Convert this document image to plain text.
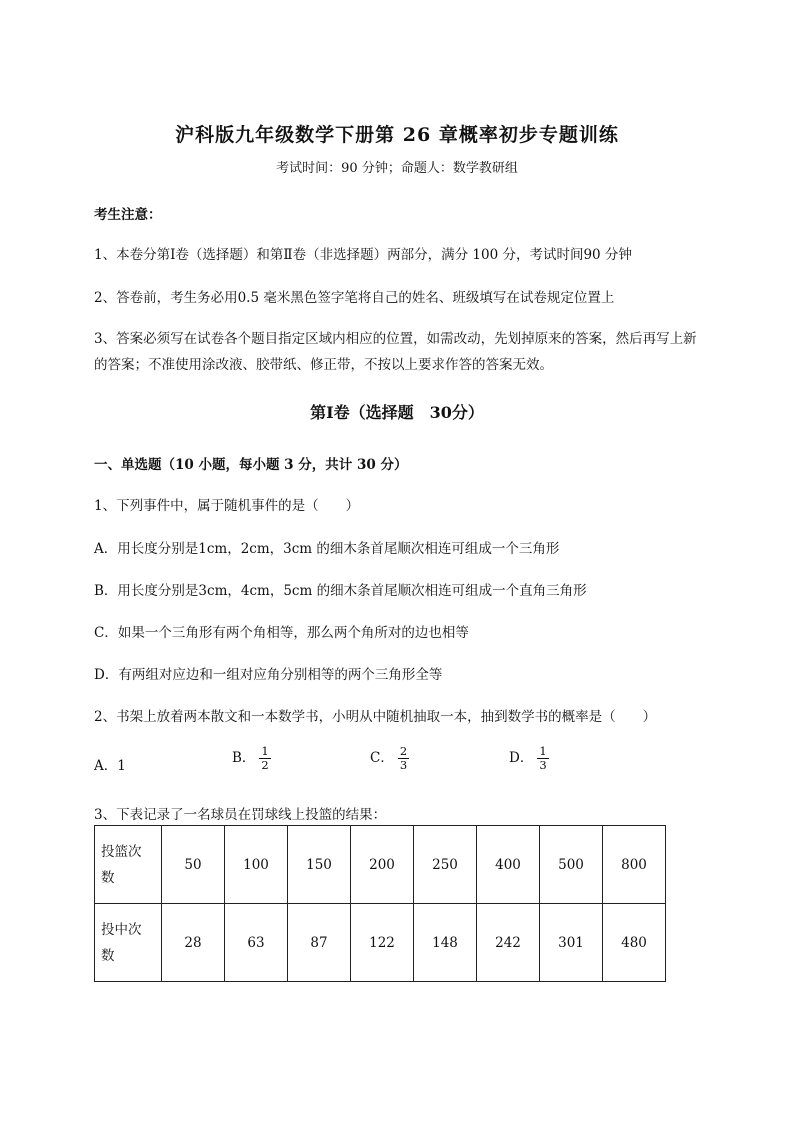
沪科版九年级数学下册第 26 章概率初步专题训练
考试时间：90 分钟；命题人：数学教研组
考生注意：
1、本卷分第Ⅰ卷（选择题）和第Ⅱ卷（非选择题）两部分，满分 100 分，考试时间90 分钟
2、答卷前，考生务必用0.5 毫米黑色签字笔将自己的姓名、班级填写在试卷规定位置上
3、答案必须写在试卷各个题目指定区域内相应的位置，如需改动，先划掉原来的答案，然后再写上新
的答案；不准使用涂改液、胶带纸、修正带，不按以上要求作答的答案无效。
第Ⅰ卷（选择题　30分）
一、单选题（10 小题，每小题 3 分，共计 30 分）
1、下列事件中，属于随机事件的是（　　）
A．用长度分别是1cm，2cm，3cm 的细木条首尾顺次相连可组成一个三角形
B．用长度分别是3cm，4cm，5cm 的细木条首尾顺次相连可组成一个直角三角形
C．如果一个三角形有两个角相等，那么两个角所对的边也相等
D．有两组对应边和一组对应角分别相等的两个三角形全等
2、书架上放着两本散文和一本数学书，小明从中随机抽取一本，抽到数学书的概率是（　　）
A．1	B． $\frac{1}{2}$	C． $\frac{2}{3}$	D． $\frac{1}{3}$
3、下表记录了一名球员在罚球线上投篮的结果：
投篮次
数	50	100	150	200	250	400	500	800
投中次
数	28	63	87	122	148	242	301	480
